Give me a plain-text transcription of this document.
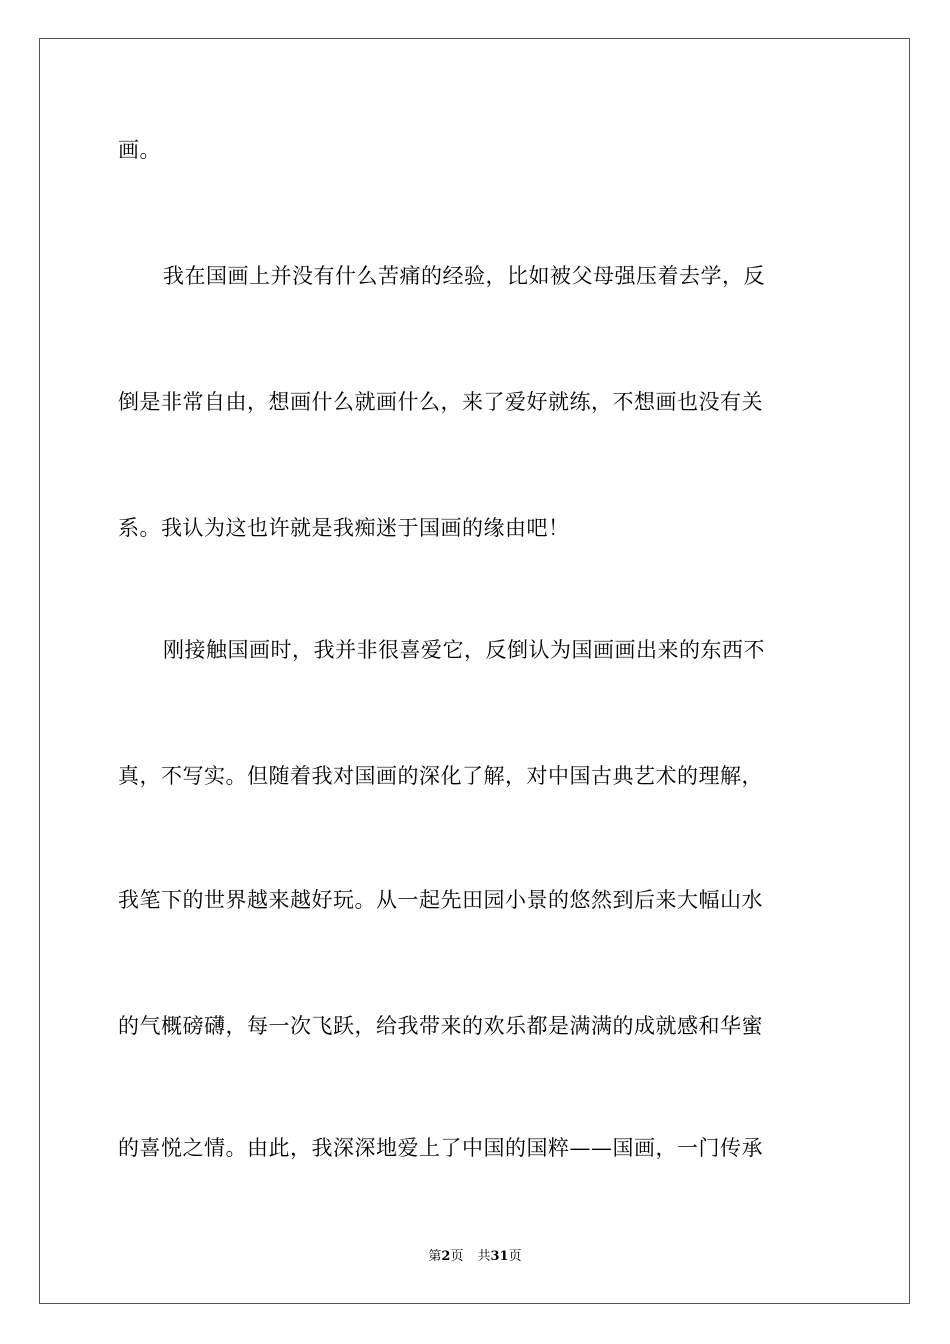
画。
我在国画上并没有什么苦痛的经验，比如被父母强压着去学，反
倒是非常自由，想画什么就画什么，来了爱好就练，不想画也没有关
系。我认为这也许就是我痴迷于国画的缘由吧！
刚接触国画时，我并非很喜爱它，反倒认为国画画出来的东西不
真，不写实。但随着我对国画的深化了解，对中国古典艺术的理解，
我笔下的世界越来越好玩。从一起先田园小景的悠然到后来大幅山水
的气概磅礴，每一次飞跃，给我带来的欢乐都是满满的成就感和华蜜
的喜悦之情。由此，我深深地爱上了中国的国粹——国画，一门传承
第2页 共31页
